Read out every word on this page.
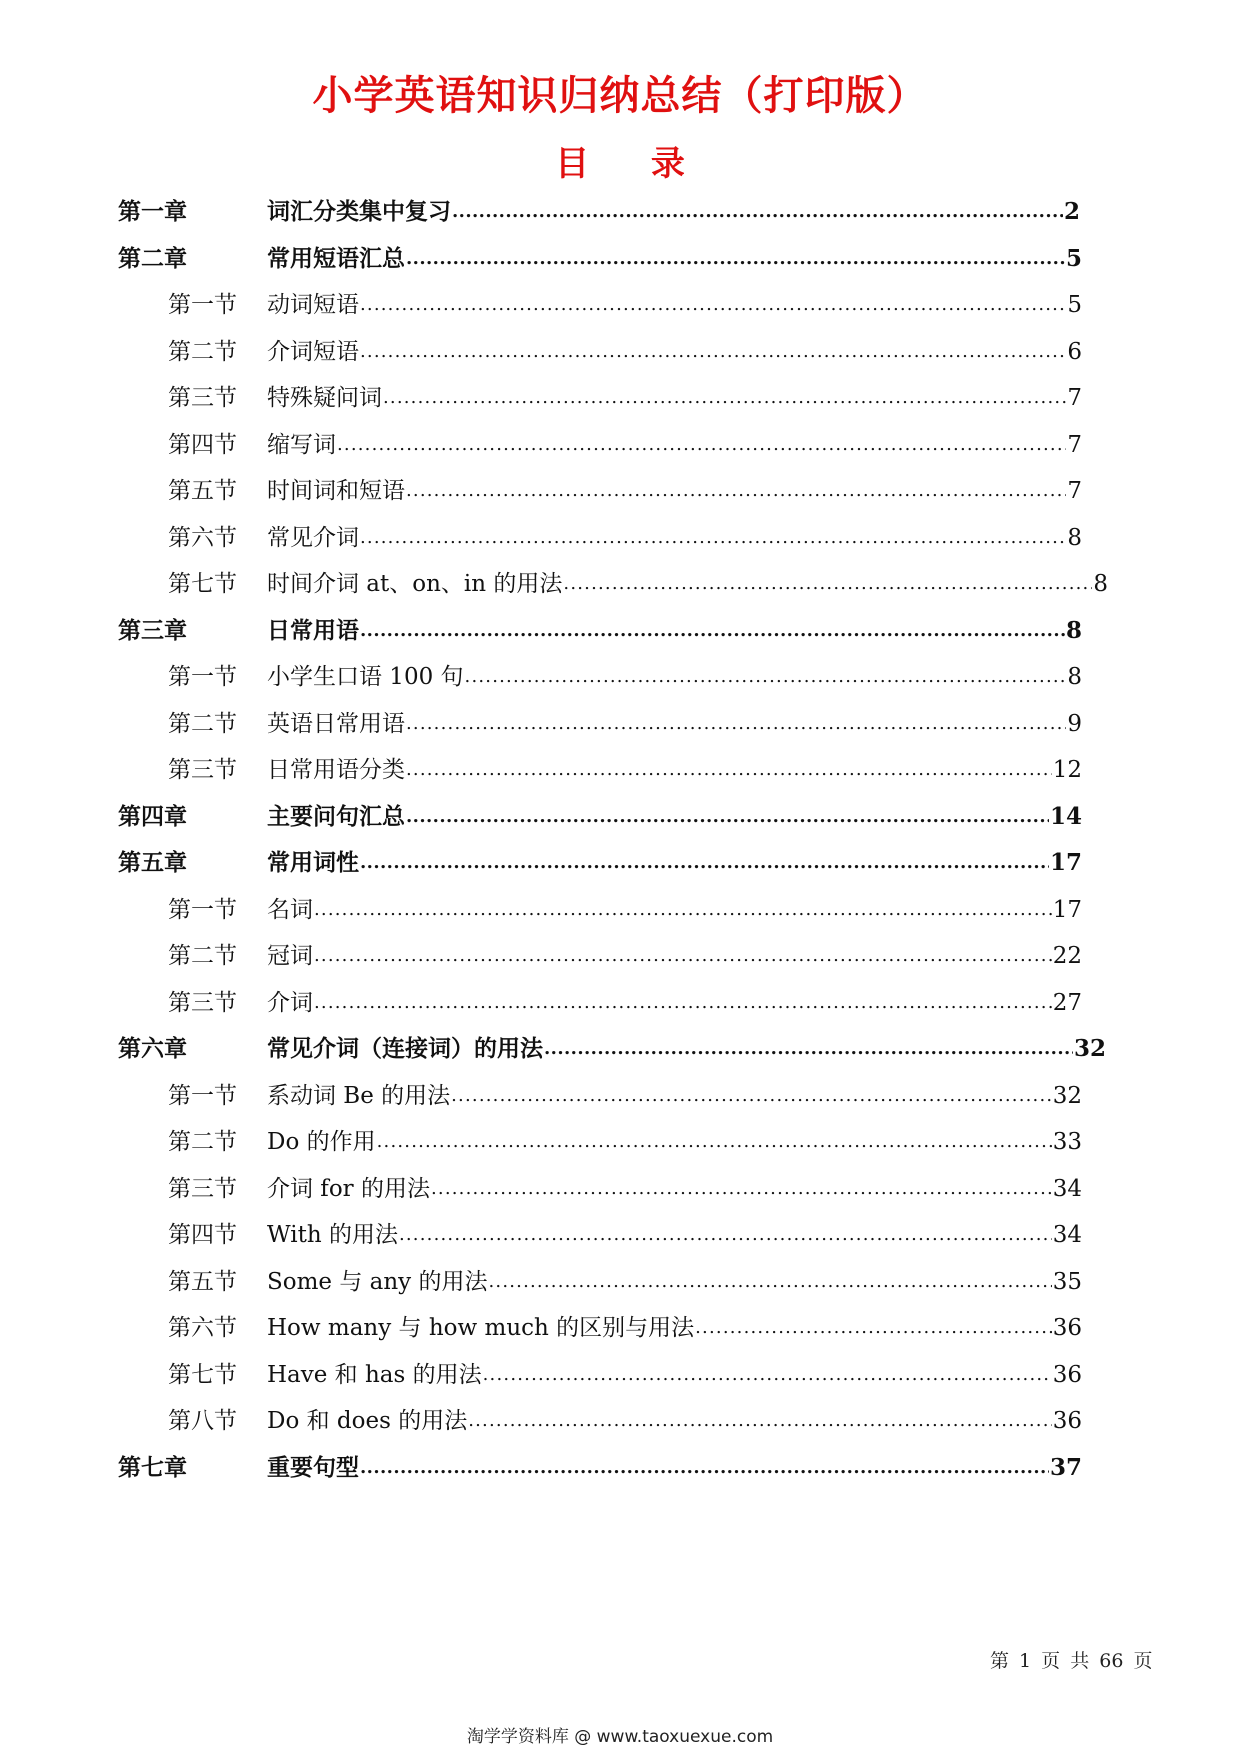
小学英语知识归纳总结（打印版）
目 录
第一章	词汇分类集中复习 .....	2
第二章	常用短语汇总 .....	5
第一节 动词短语 .....	5
第二节 介词短语 .....	6
第三节 特殊疑问词 .....	7
第四节 缩写词 .....	7
第五节 时间词和短语 .....	7
第六节 常见介词 .....	8
第七节 时间介词 at、on、in 的用法 .....	8
第三章	日常用语 .....	8
第一节 小学生口语 100 句 .....	8
第二节 英语日常用语 .....	9
第三节 日常用语分类 .....	12
第四章	主要问句汇总 .....	14
第五章	常用词性 .....	17
第一节 名词 .....	17
第二节 冠词 .....	22
第三节 介词 .....	27
第六章	常见介词（连接词）的用法 .....	32
第一节 系动词 Be 的用法 .....	32
第二节 Do 的作用 .....	33
第三节 介词 for 的用法 .....	34
第四节 With 的用法 .....	34
第五节 Some 与 any 的用法 .....	35
第六节 How many 与 how much 的区别与用法 .....	36
第七节 Have 和 has 的用法 .....	36
第八节 Do 和 does 的用法 .....	36
第七章	重要句型 .....	37
第 1 页 共 66 页
淘学学资料库 @ www.taoxuexue.com
